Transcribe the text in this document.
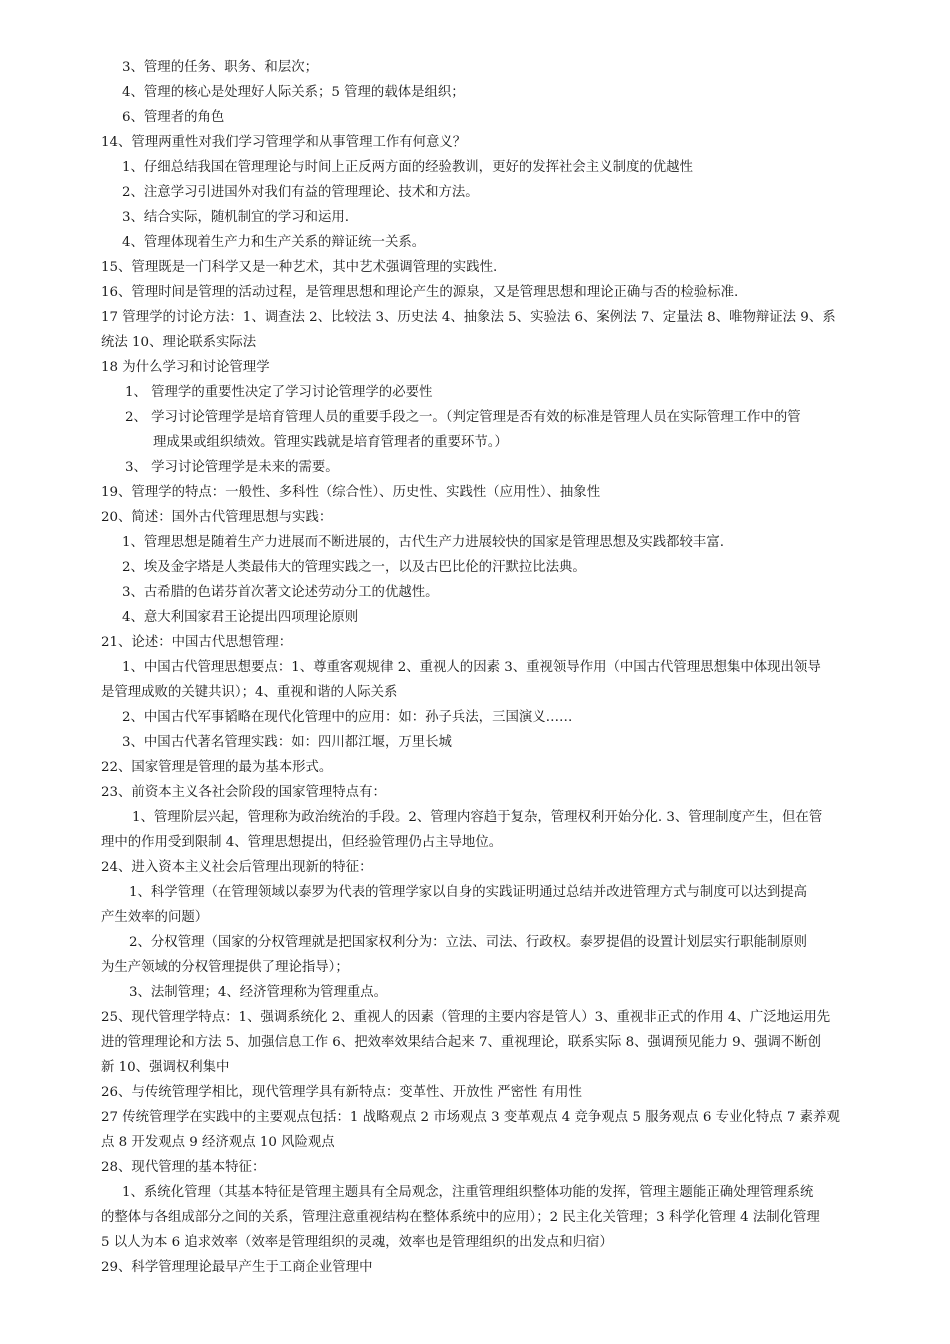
3、管理的任务、职务、和层次；
4、管理的核心是处理好人际关系；5 管理的载体是组织；
6、管理者的角色
14、管理两重性对我们学习管理学和从事管理工作有何意义？
1、仔细总结我国在管理理论与时间上正反两方面的经验教训，更好的发挥社会主义制度的优越性
2、注意学习引进国外对我们有益的管理理论、技术和方法。
3、结合实际，随机制宜的学习和运用.
4、管理体现着生产力和生产关系的辩证统一关系。
15、管理既是一门科学又是一种艺术，其中艺术强调管理的实践性.
16、管理时间是管理的活动过程，是管理思想和理论产生的源泉，又是管理思想和理论正确与否的检验标准.
17 管理学的讨论方法：1、调查法 2、比较法 3、历史法 4、抽象法 5、实验法 6、案例法 7、定量法 8、唯物辩证法 9、系
统法 10、理论联系实际法
18 为什么学习和讨论管理学
1、 管理学的重要性决定了学习讨论管理学的必要性
2、 学习讨论管理学是培育管理人员的重要手段之一。（判定管理是否有效的标准是管理人员在实际管理工作中的管
理成果或组织绩效。管理实践就是培育管理者的重要环节。）
3、 学习讨论管理学是未来的需要。
19、管理学的特点：一般性、多科性（综合性）、历史性、实践性（应用性）、抽象性
20、简述：国外古代管理思想与实践：
1、管理思想是随着生产力进展而不断进展的，古代生产力进展较快的国家是管理思想及实践都较丰富.
2、埃及金字塔是人类最伟大的管理实践之一，以及古巴比伦的汗默拉比法典。
3、古希腊的色诺芬首次著文论述劳动分工的优越性。
4、意大利国家君王论提出四项理论原则
21、论述：中国古代思想管理：
1、中国古代管理思想要点：1、尊重客观规律 2、重视人的因素 3、重视领导作用（中国古代管理思想集中体现出领导
是管理成败的关键共识）；4、重视和谐的人际关系
2、中国古代军事韬略在现代化管理中的应用：如：孙子兵法，三国演义……
3、中国古代著名管理实践：如：四川都江堰，万里长城
22、国家管理是管理的最为基本形式。
23、前资本主义各社会阶段的国家管理特点有：
1、管理阶层兴起，管理称为政治统治的手段。2、管理内容趋于复杂，管理权利开始分化. 3、管理制度产生，但在管
理中的作用受到限制 4、管理思想提出，但经验管理仍占主导地位。
24、进入资本主义社会后管理出现新的特征：
1、科学管理（在管理领域以泰罗为代表的管理学家以自身的实践证明通过总结并改进管理方式与制度可以达到提高
产生效率的问题）
2、分权管理（国家的分权管理就是把国家权利分为：立法、司法、行政权。泰罗提倡的设置计划层实行职能制原则
为生产领域的分权管理提供了理论指导）；
3、法制管理；4、经济管理称为管理重点。
25、现代管理学特点：1、强调系统化 2、重视人的因素（管理的主要内容是管人）3、重视非正式的作用 4、广泛地运用先
进的管理理论和方法 5、加强信息工作 6、把效率效果结合起来 7、重视理论，联系实际 8、强调预见能力 9、强调不断创
新 10、强调权利集中
26、与传统管理学相比，现代管理学具有新特点：变革性、开放性 严密性 有用性
27 传统管理学在实践中的主要观点包括：1 战略观点 2 市场观点 3 变革观点 4 竞争观点 5 服务观点 6 专业化特点 7 素养观
点 8 开发观点 9 经济观点 10 风险观点
28、现代管理的基本特征：
1、系统化管理（其基本特征是管理主题具有全局观念，注重管理组织整体功能的发挥，管理主题能正确处理管理系统
的整体与各组成部分之间的关系，管理注意重视结构在整体系统中的应用）；2 民主化关管理；3 科学化管理 4 法制化管理
5 以人为本 6 追求效率（效率是管理组织的灵魂，效率也是管理组织的出发点和归宿）
29、科学管理理论最早产生于工商企业管理中
